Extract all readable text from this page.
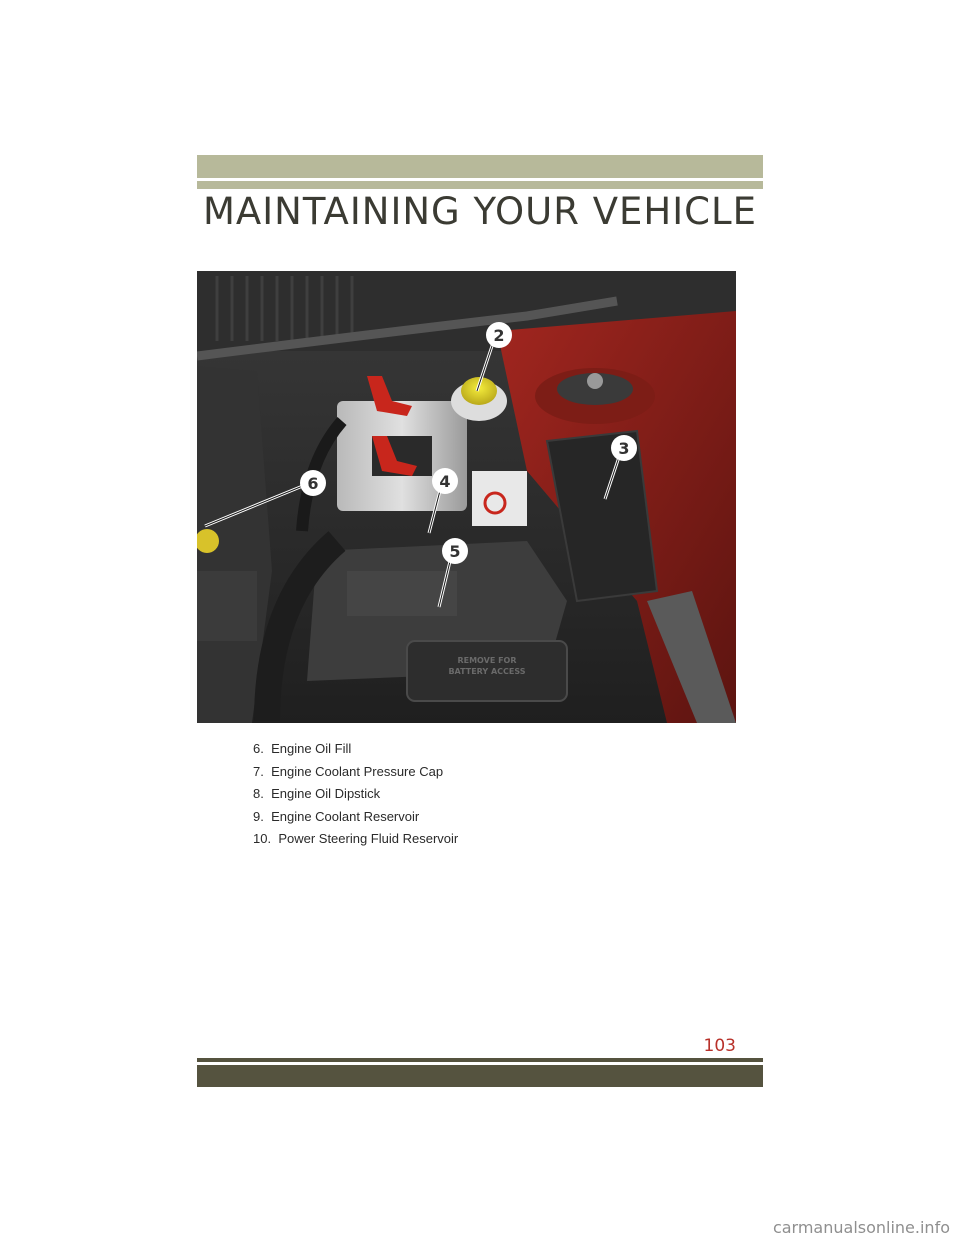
MAINTAINING YOUR VEHICLE
REMOVE FOR
BATTERY ACCESS
2
3
4
5
6
6. Engine Oil Fill
7. Engine Coolant Pressure Cap
8. Engine Oil Dipstick
9. Engine Coolant Reservoir
10. Power Steering Fluid Reservoir
103
carmanualsonline.info
